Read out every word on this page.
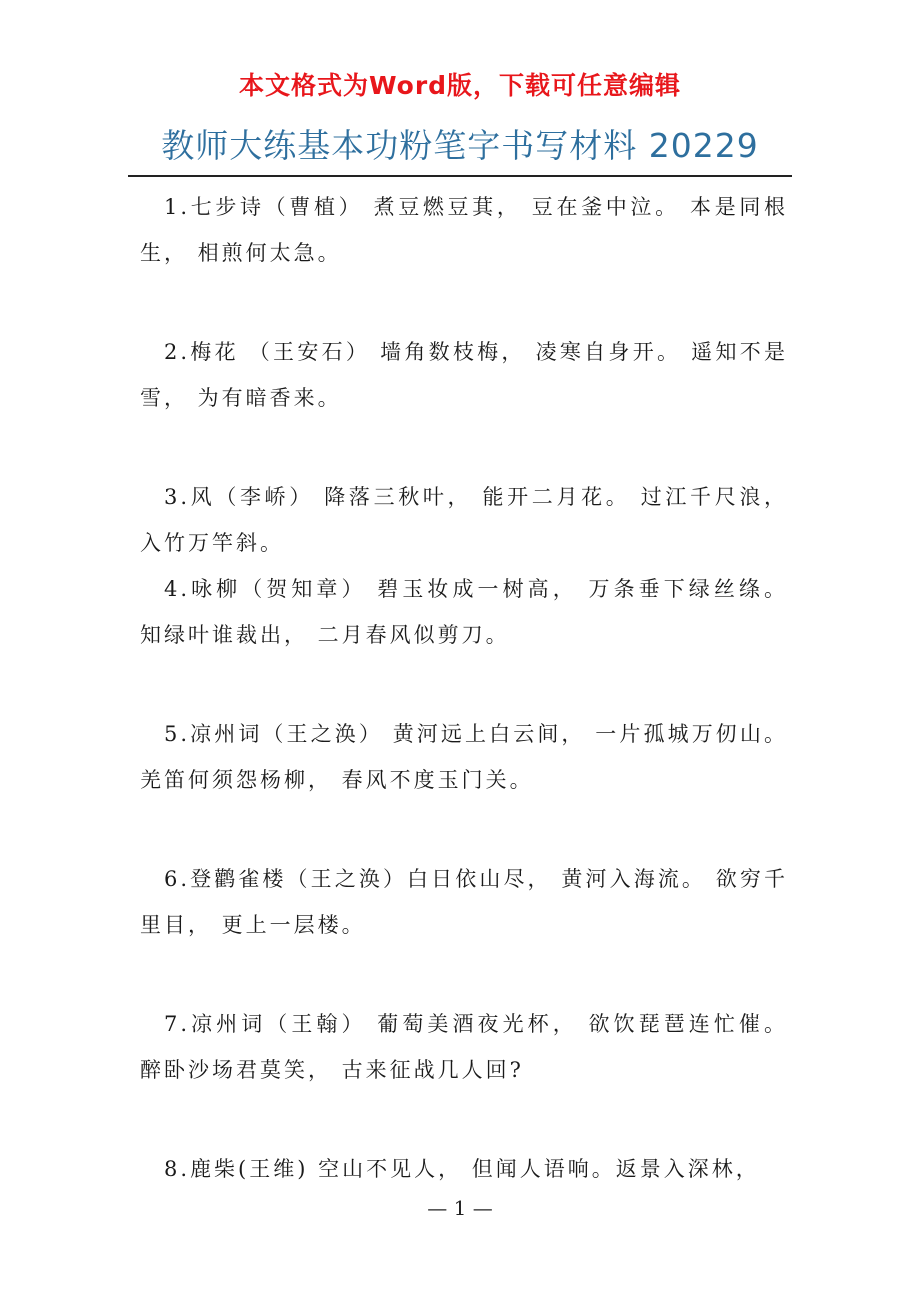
本文格式为Word版，下载可任意编辑
教师大练基本功粉笔字书写材料 20229

1.七步诗（曹植） 煮豆燃豆萁， 豆在釜中泣。 本是同根生， 相煎何太急。

2.梅花 （王安石） 墙角数枝梅， 凌寒自身开。 遥知不是雪， 为有暗香来。

3.风（李峤） 降落三秋叶， 能开二月花。 过江千尺浪，入竹万竿斜。

4.咏柳（贺知章） 碧玉妆成一树高， 万条垂下绿丝绦。 知绿叶谁裁出， 二月春风似剪刀。

5.凉州词（王之涣） 黄河远上白云间， 一片孤城万仞山。 羌笛何须怨杨柳， 春风不度玉门关。

6.登鹳雀楼（王之涣）白日依山尽， 黄河入海流。 欲穷千里目， 更上一层楼。

7.凉州词（王翰） 葡萄美酒夜光杯， 欲饮琵琶连忙催。 醉卧沙场君莫笑， 古来征战几人回?

8.鹿柴(王维) 空山不见人， 但闻人语响。返景入深林，

— 1 —
